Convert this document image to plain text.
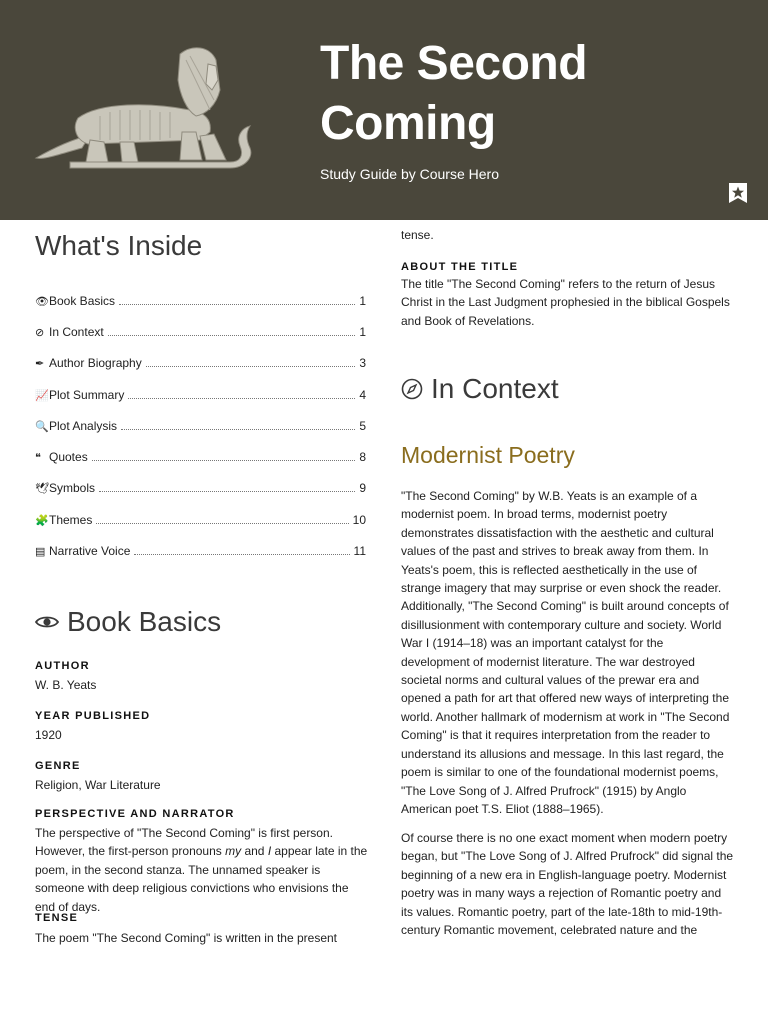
The Second
Coming
Study Guide by Course Hero
What's Inside
👁 Book Basics	1
⊘ In Context	1
✒ Author Biography	3
📈 Plot Summary	4
🔍 Plot Analysis	5
❝ Quotes	8
🕊 Symbols	9
🧩 Themes	10
▤ Narrative Voice	11
Book Basics
AUTHOR
W. B. Yeats
YEAR PUBLISHED
1920
GENRE
Religion, War Literature
PERSPECTIVE AND NARRATOR
The perspective of "The Second Coming" is first person. However, the first-person pronouns my and I appear late in the poem, in the second stanza. The unnamed speaker is someone with deep religious convictions who envisions the end of days.
TENSE
The poem "The Second Coming" is written in the present
tense.
ABOUT THE TITLE
The title "The Second Coming" refers to the return of Jesus Christ in the Last Judgment prophesied in the biblical Gospels and Book of Revelations.
In Context
Modernist Poetry
"The Second Coming" by W.B. Yeats is an example of a modernist poem. In broad terms, modernist poetry demonstrates dissatisfaction with the aesthetic and cultural values of the past and strives to break away from them. In Yeats's poem, this is reflected aesthetically in the use of strange imagery that may surprise or even shock the reader. Additionally, "The Second Coming" is built around concepts of disillusionment with contemporary culture and society. World War I (1914–18) was an important catalyst for the development of modernist literature. The war destroyed societal norms and cultural values of the prewar era and opened a path for art that offered new ways of interpreting the world. Another hallmark of modernism at work in "The Second Coming" is that it requires interpretation from the reader to understand its allusions and message. In this last regard, the poem is similar to one of the foundational modernist poems, "The Love Song of J. Alfred Prufrock" (1915) by Anglo American poet T.S. Eliot (1888–1965).
Of course there is no one exact moment when modern poetry began, but "The Love Song of J. Alfred Prufrock" did signal the beginning of a new era in English-language poetry. Modernist poetry was in many ways a rejection of Romantic poetry and its values. Romantic poetry, part of the late-18th to mid-19th-century Romantic movement, celebrated nature and the
